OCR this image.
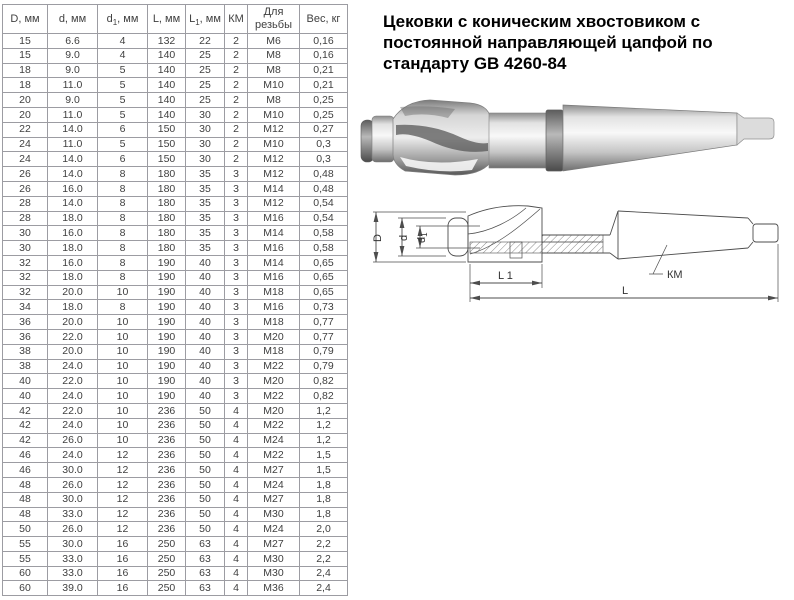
D, мм	d, мм	$d_1$, мм	L, мм	$L_1$, мм	КМ	Для резьбы	Вес, кг
15	6.6	4	132	22	2	M6	0,16
15	9.0	4	140	25	2	M8	0,16
18	9.0	5	140	25	2	M8	0,21
18	11.0	5	140	25	2	M10	0,21
20	9.0	5	140	25	2	M8	0,25
20	11.0	5	140	30	2	M10	0,25
22	14.0	6	150	30	2	M12	0,27
24	11.0	5	150	30	2	M10	0,3
24	14.0	6	150	30	2	M12	0,3
26	14.0	8	180	35	3	M12	0,48
26	16.0	8	180	35	3	M14	0,48
28	14.0	8	180	35	3	M12	0,54
28	18.0	8	180	35	3	M16	0,54
30	16.0	8	180	35	3	M14	0,58
30	18.0	8	180	35	3	M16	0,58
32	16.0	8	190	40	3	M14	0,65
32	18.0	8	190	40	3	M16	0,65
32	20.0	10	190	40	3	M18	0,65
34	18.0	8	190	40	3	M16	0,73
36	20.0	10	190	40	3	M18	0,77
36	22.0	10	190	40	3	M20	0,77
38	20.0	10	190	40	3	M18	0,79
38	24.0	10	190	40	3	M22	0,79
40	22.0	10	190	40	3	M20	0,82
40	24.0	10	190	40	3	M22	0,82
42	22.0	10	236	50	4	M20	1,2
42	24.0	10	236	50	4	M22	1,2
42	26.0	10	236	50	4	M24	1,2
46	24.0	12	236	50	4	M22	1,5
46	30.0	12	236	50	4	M27	1,5
48	26.0	12	236	50	4	M24	1,8
48	30.0	12	236	50	4	M27	1,8
48	33.0	12	236	50	4	M30	1,8
50	26.0	12	236	50	4	M24	2,0
55	30.0	16	250	63	4	M27	2,2
55	33.0	16	250	63	4	M30	2,2
60	33.0	16	250	63	4	M30	2,4
60	39.0	16	250	63	4	M36	2,4
Цековки с коническим хвостовиком с постоянной направляющей цапфой по стандарту GB 4260-84
D d d1
L 1
L
КМ
